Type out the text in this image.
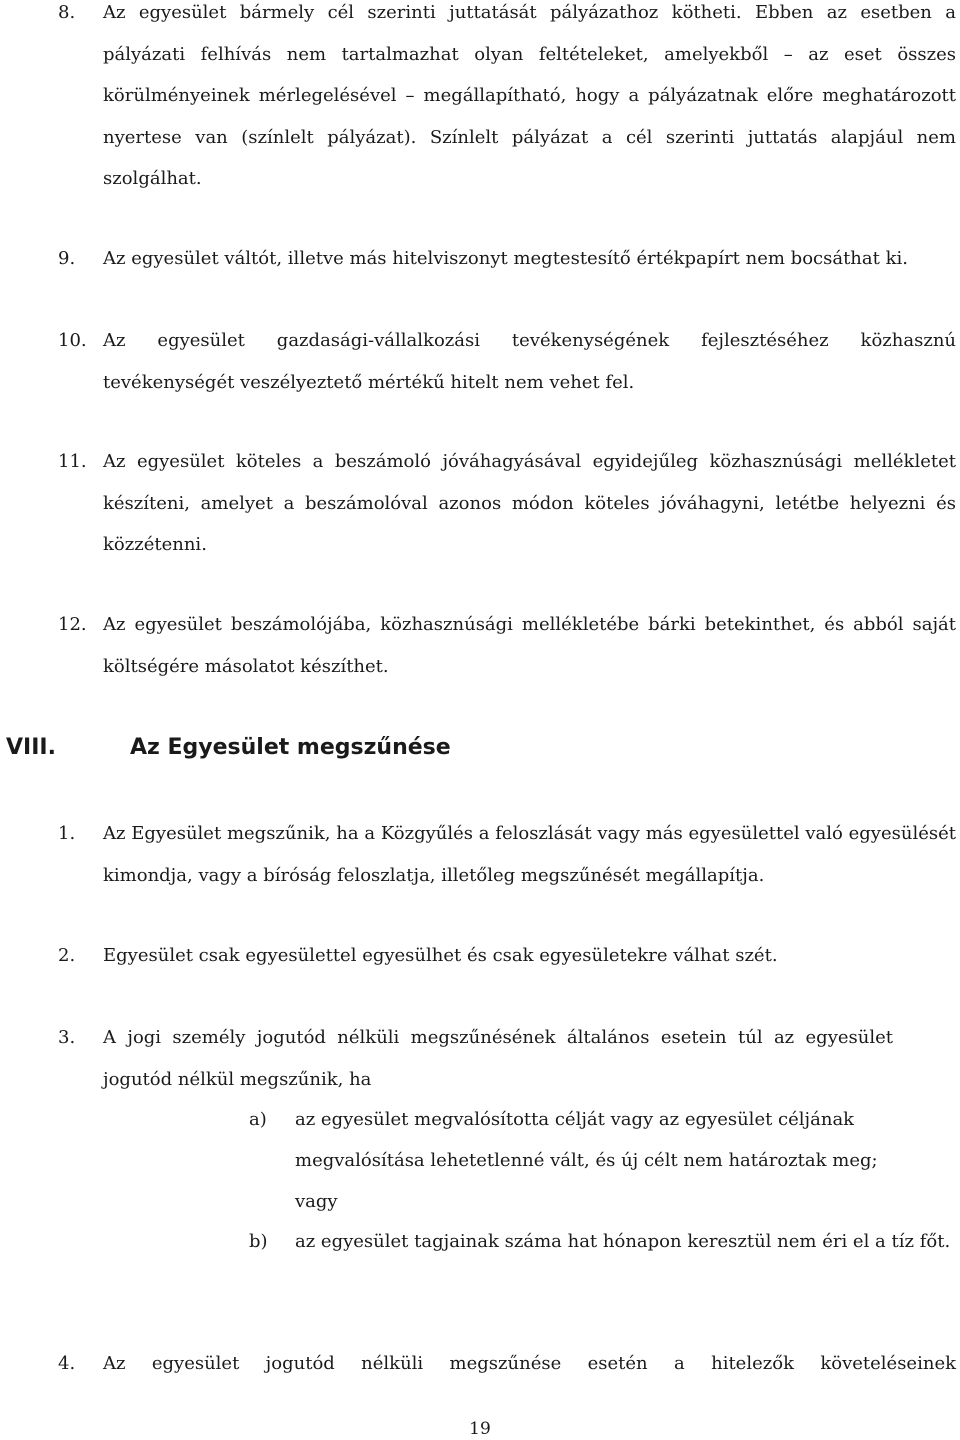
8. Az egyesület bármely cél szerinti juttatását pályázathoz kötheti. Ebben az esetben a pályázati felhívás nem tartalmazhat olyan feltételeket, amelyekből – az eset összes körülményeinek mérlegelésével – megállapítható, hogy a pályázatnak előre meghatározott nyertese van (színlelt pályázat). Színlelt pályázat a cél szerinti juttatás alapjául nem szolgálhat.
9. Az egyesület váltót, illetve más hitelviszonyt megtestesítő értékpapírt nem bocsáthat ki.
10. Az egyesület gazdasági-vállalkozási tevékenységének fejlesztéséhez közhasznú tevékenységét veszélyeztető mértékű hitelt nem vehet fel.
11. Az egyesület köteles a beszámoló jóváhagyásával egyidejűleg közhasznúsági mellékletet készíteni, amelyet a beszámolóval azonos módon köteles jóváhagyni, letétbe helyezni és közzétenni.
12. Az egyesület beszámolójába, közhasznúsági mellékletébe bárki betekinthet, és abból saját költségére másolatot készíthet.
VIII.	Az Egyesület megszűnése
1. Az Egyesület megszűnik, ha a Közgyűlés a feloszlását vagy más egyesülettel való egyesülését kimondja, vagy a bíróság feloszlatja, illetőleg megszűnését megállapítja.
2. Egyesület csak egyesülettel egyesülhet és csak egyesületekre válhat szét.
3. A jogi személy jogutód nélküli megszűnésének általános esetein túl az egyesület jogutód nélkül megszűnik, ha
a) az egyesület megvalósította célját vagy az egyesület céljának megvalósítása lehetetlenné vált, és új célt nem határoztak meg; vagy
b) az egyesület tagjainak száma hat hónapon keresztül nem éri el a tíz főt.
4. Az egyesület jogutód nélküli megszűnése esetén a hitelezők követeléseinek
19
